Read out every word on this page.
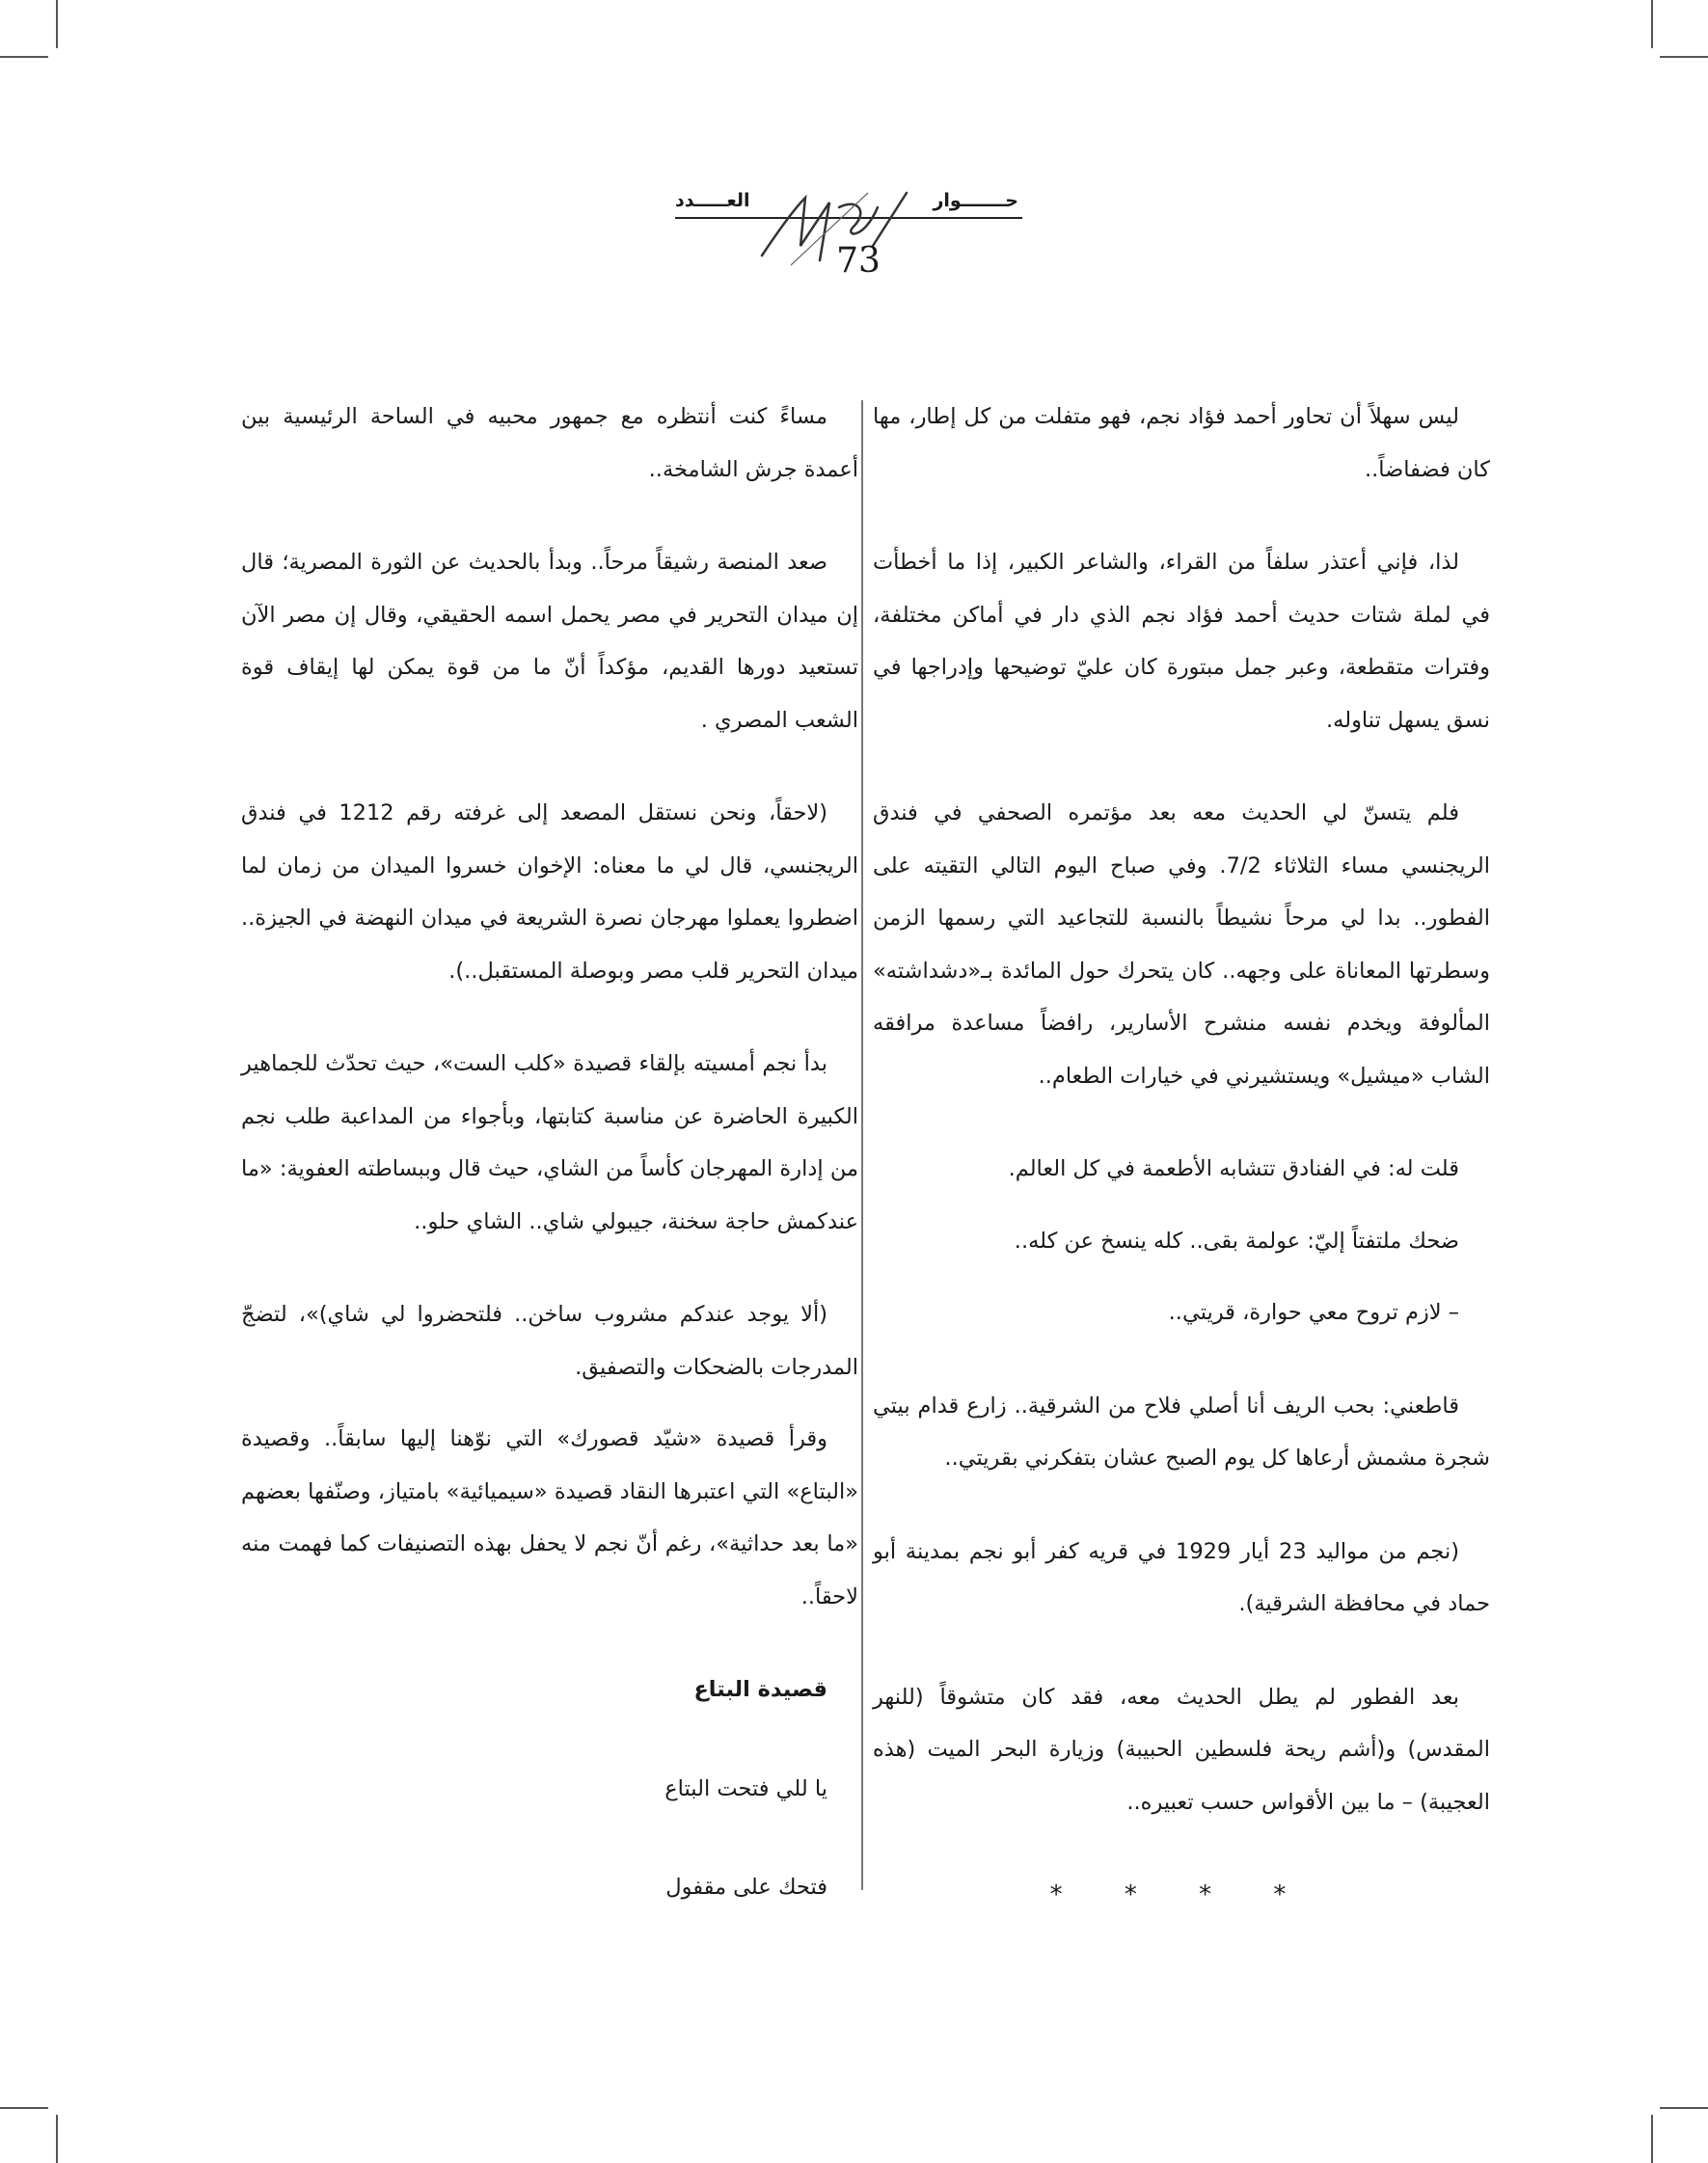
حـــــــوار
العـــــدد
73

ليس سهلاً أن تحاور أحمد فؤاد نجم، فهو متفلت من كل إطار، مها كان فضفاضاً..

لذا، فإني أعتذر سلفاً من القراء، والشاعر الكبير، إذا ما أخطأت في لملة شتات حديث أحمد فؤاد نجم الذي دار في أماكن مختلفة، وفترات متقطعة، وعبر جمل مبتورة كان عليّ توضيحها وإدراجها في نسق يسهل تناوله.

فلم يتسنّ لي الحديث معه بعد مؤتمره الصحفي في فندق الريجنسي مساء الثلاثاء 7/2. وفي صباح اليوم التالي التقيته على الفطور.. بدا لي مرحاً نشيطاً بالنسبة للتجاعيد التي رسمها الزمن وسطرتها المعاناة على وجهه.. كان يتحرك حول المائدة بـ«دشداشته» المألوفة ويخدم نفسه منشرح الأسارير، رافضاً مساعدة مرافقه الشاب «ميشيل» ويستشيرني في خيارات الطعام..

قلت له: في الفنادق تتشابه الأطعمة في كل العالم.

ضحك ملتفتاً إليّ: عولمة بقى.. كله ينسخ عن كله..

– لازم تروح معي حوارة، قريتي..

قاطعني: بحب الريف أنا أصلي فلاح من الشرقية.. زارع قدام بيتي شجرة مشمش أرعاها كل يوم الصبح عشان بتفكرني بقريتي..

(نجم من مواليد 23 أيار 1929 في قريه كفر أبو نجم بمدينة أبو حماد في محافظة الشرقية).

بعد الفطور لم يطل الحديث معه، فقد كان متشوقاً (للنهر المقدس) و(أشم ريحة فلسطين الحبيبة) وزيارة البحر الميت (هذه العجيبة) – ما بين الأقواس حسب تعبيره..

* * * *

مساءً كنت أنتظره مع جمهور محبيه في الساحة الرئيسية بين أعمدة جرش الشامخة..

صعد المنصة رشيقاً مرحاً.. وبدأ بالحديث عن الثورة المصرية؛ قال إن ميدان التحرير في مصر يحمل اسمه الحقيقي، وقال إن مصر الآن تستعيد دورها القديم، مؤكداً أنّ ما من قوة يمكن لها إيقاف قوة الشعب المصري .

(لاحقاً، ونحن نستقل المصعد إلى غرفته رقم 1212 في فندق الريجنسي، قال لي ما معناه: الإخوان خسروا الميدان من زمان لما اضطروا يعملوا مهرجان نصرة الشريعة في ميدان النهضة في الجيزة.. ميدان التحرير قلب مصر وبوصلة المستقبل..).

بدأ نجم أمسيته بإلقاء قصيدة «كلب الست»، حيث تحدّث للجماهير الكبيرة الحاضرة عن مناسبة كتابتها، وبأجواء من المداعبة طلب نجم من إدارة المهرجان كأساً من الشاي، حيث قال وببساطته العفوية: «ما عندكمش حاجة سخنة، جيبولي شاي.. الشاي حلو..

(ألا يوجد عندكم مشروب ساخن.. فلتحضروا لي شاي)»، لتضجّ المدرجات بالضحكات والتصفيق.

وقرأ قصيدة «شيّد قصورك» التي نوّهنا إليها سابقاً.. وقصيدة «البتاع» التي اعتبرها النقاد قصيدة «سيميائية» بامتياز، وصنّفها بعضهم «ما بعد حداثية»، رغم أنّ نجم لا يحفل بهذه التصنيفات كما فهمت منه لاحقاً..

قصيدة البتاع
يا للي فتحت البتاع
فتحك على مقفول
